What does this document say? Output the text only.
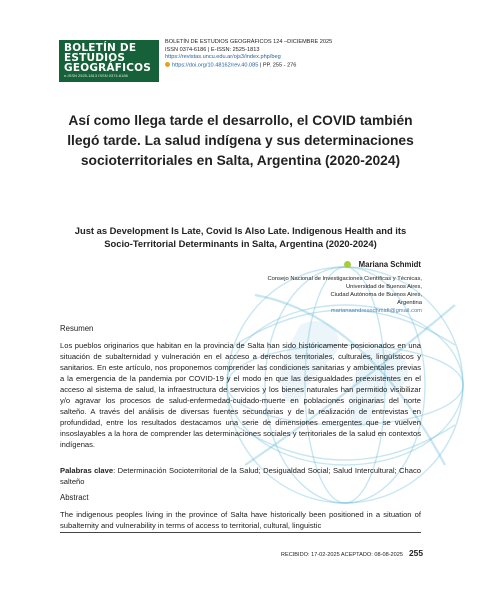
BOLETÍN DE
ESTUDIOS
GEOGRÁFICOS
e-ISSN 2525-1813 ISSN 0374-6186
BOLETÍN DE ESTUDIOS GEOGRÁFICOS 124 –DICIEMBRE 2025
ISSN 0374-6186 | E-ISSN: 2525-1813
https://revistas.uncu.edu.ar/ojs3/index.php/beg
https://doi.org/10.48162/rev.40.085 | PP. 255 - 276
Así como llega tarde el desarrollo, el COVID también llegó tarde. La salud indígena y sus determinaciones socioterritoriales en Salta, Argentina (2020-2024)
Just as Development Is Late, Covid Is Also Late. Indigenous Health and its Socio-Territorial Determinants in Salta, Argentina (2020-2024)
Mariana Schmidt
Consejo Nacional de Investigaciones Científicas y Técnicas,
Universidad de Buenos Aires,
Ciudad Autónoma de Buenos Aires,
Argentina
marianaandreaschmidt@gmail.com
Resumen
Los pueblos originarios que habitan en la provincia de Salta han sido históricamente posicionados en una situación de subalternidad y vulneración en el acceso a derechos territoriales, culturales, lingüísticos y sanitarios. En este artículo, nos proponemos comprender las condiciones sanitarias y ambientales previas a la emergencia de la pandemia por COVID-19 y el modo en que las desigualdades preexistentes en el acceso al sistema de salud, la infraestructura de servicios y los bienes naturales han permitido visibilizar y/o agravar los procesos de salud-enfermedad-cuidado-muerte en poblaciones originarias del norte salteño. A través del análisis de diversas fuentes secundarias y de la realización de entrevistas en profundidad, entre los resultados destacamos una serie de dimensiones emergentes que se vuelven insoslayables a la hora de comprender las determinaciones sociales y territoriales de la salud en contextos indígenas.
Palabras clave: Determinación Socioterritorial de la Salud; Desigualdad Social; Salud Intercultural; Chaco salteño
Abstract
The indigenous peoples living in the province of Salta have historically been positioned in a situation of subalternity and vulnerability in terms of access to territorial, cultural, linguistic
RECIBIDO: 17-02-2025 ACEPTADO: 08-08-2025 255
